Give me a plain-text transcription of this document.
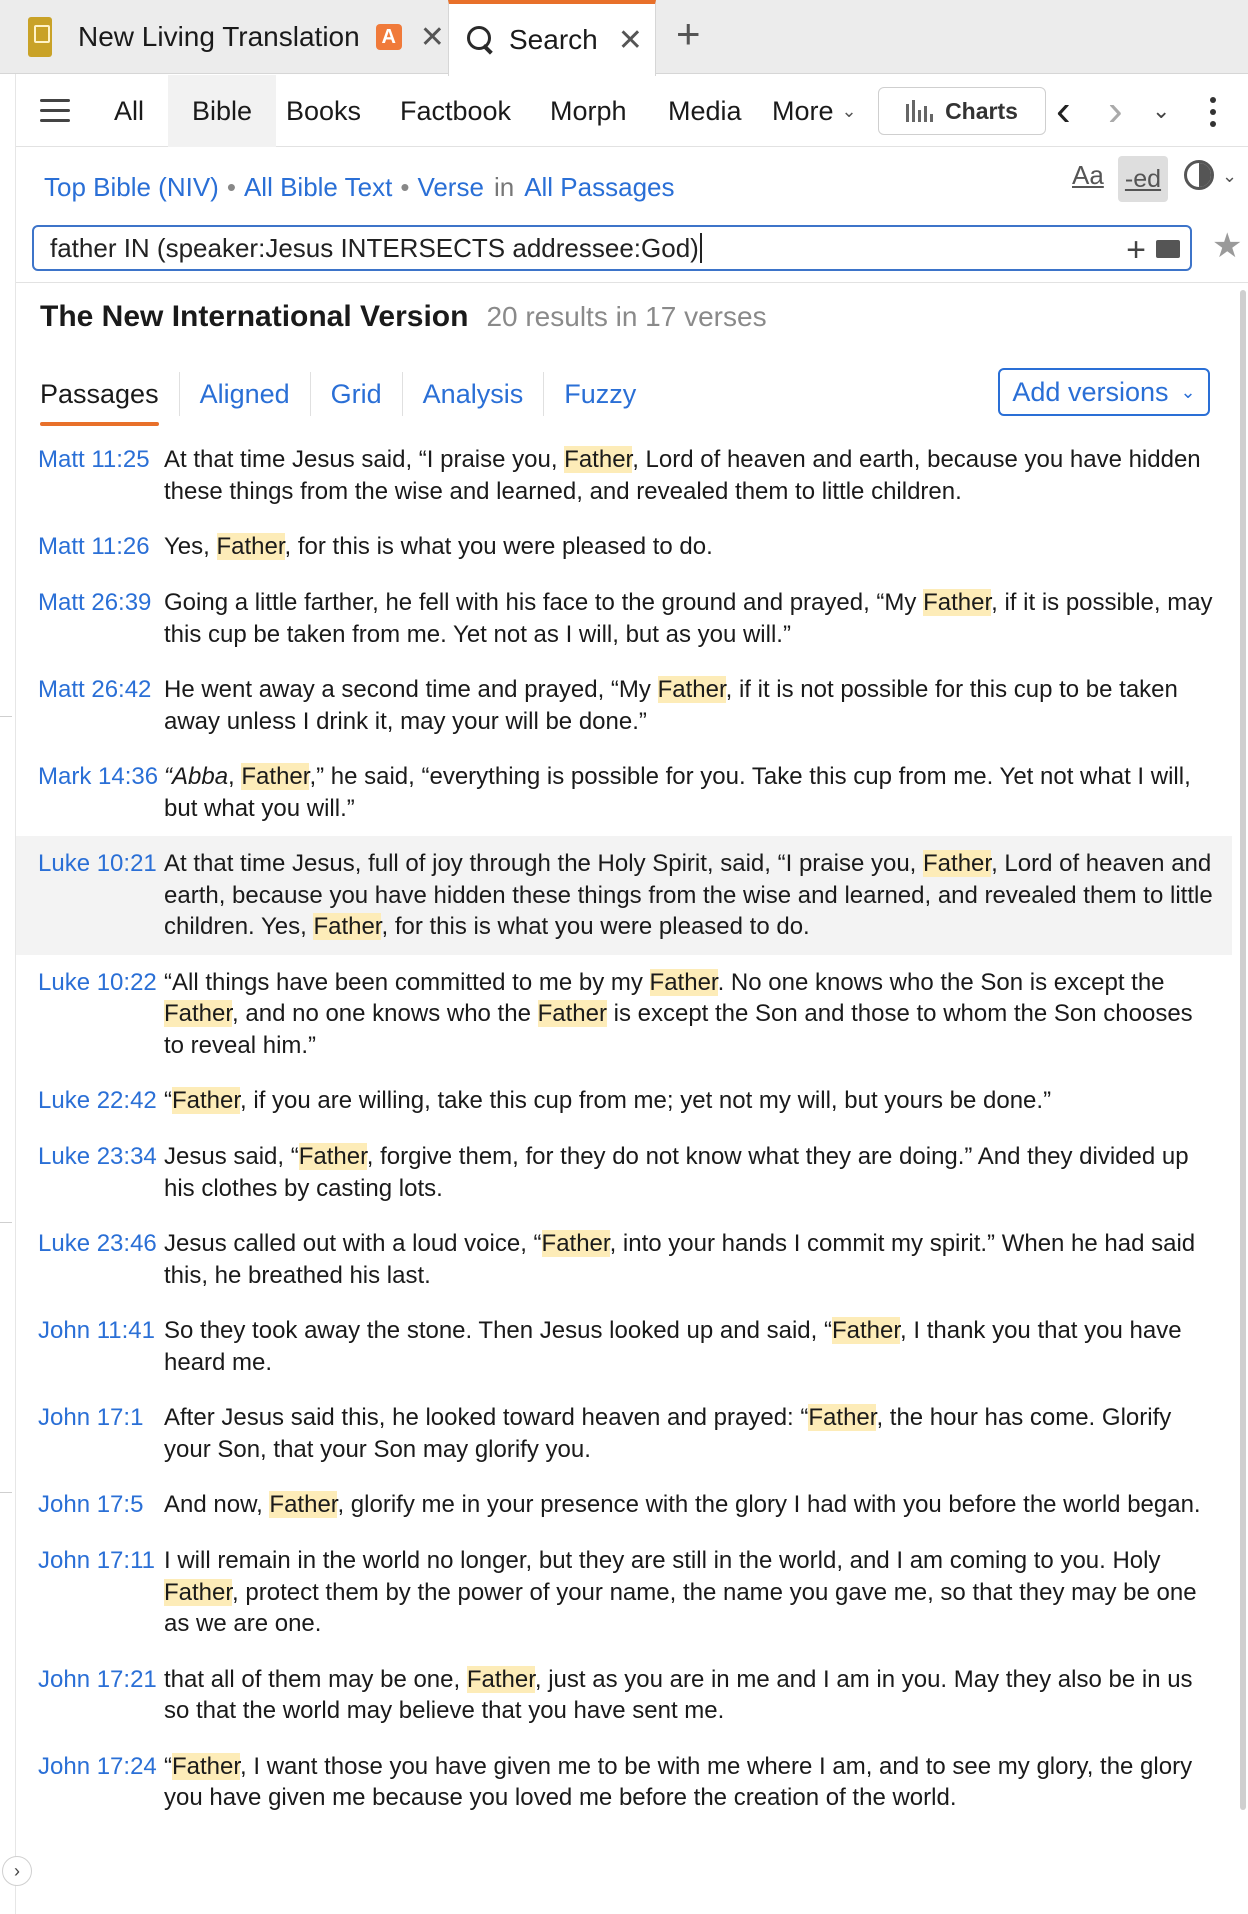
New Living Translation A ✕ Search ✕ +
All	Bible	Books Factbook Morph Media More ⌄	Charts ‹ › ⌄
Top Bible (NIV) • All Bible Text • Verse in All Passages	Aa -ed	⌄
father IN (speaker:Jesus INTERSECTS addressee:God)	+ ★
The New International Version 20 results in 17 verses
Passages	Aligned	Grid	Analysis	Fuzzy	Add versions ⌄
Matt 11:25 At that time Jesus said, “I praise you, Father, Lord of heaven and earth, because you have hidden these things from the wise and learned, and revealed them to little children.
Matt 11:26 Yes, Father, for this is what you were pleased to do.
Matt 26:39 Going a little farther, he fell with his face to the ground and prayed, “My Father, if it is possible, may this cup be taken from me. Yet not as I will, but as you will.”
Matt 26:42 He went away a second time and prayed, “My Father, if it is not possible for this cup to be taken away unless I drink it, may your will be done.”
Mark 14:36 “Abba, Father,” he said, “everything is possible for you. Take this cup from me. Yet not what I will, but what you will.”
Luke 10:21 At that time Jesus, full of joy through the Holy Spirit, said, “I praise you, Father, Lord of heaven and earth, because you have hidden these things from the wise and learned, and revealed them to little children. Yes, Father, for this is what you were pleased to do.
Luke 10:22 “All things have been committed to me by my Father. No one knows who the Son is except the Father, and no one knows who the Father is except the Son and those to whom the Son chooses to reveal him.”
Luke 22:42 “Father, if you are willing, take this cup from me; yet not my will, but yours be done.”
Luke 23:34 Jesus said, “Father, forgive them, for they do not know what they are doing.” And they divided up his clothes by casting lots.
Luke 23:46 Jesus called out with a loud voice, “Father, into your hands I commit my spirit.” When he had said this, he breathed his last.
John 11:41 So they took away the stone. Then Jesus looked up and said, “Father, I thank you that you have heard me.
John 17:1 After Jesus said this, he looked toward heaven and prayed: “Father, the hour has come. Glorify your Son, that your Son may glorify you.
John 17:5 And now, Father, glorify me in your presence with the glory I had with you before the world began.
John 17:11 I will remain in the world no longer, but they are still in the world, and I am coming to you. Holy Father, protect them by the power of your name, the name you gave me, so that they may be one as we are one.
John 17:21 that all of them may be one, Father, just as you are in me and I am in you. May they also be in us so that the world may believe that you have sent me.
John 17:24 “Father, I want those you have given me to be with me where I am, and to see my glory, the glory you have given me because you loved me before the creation of the world.
›
